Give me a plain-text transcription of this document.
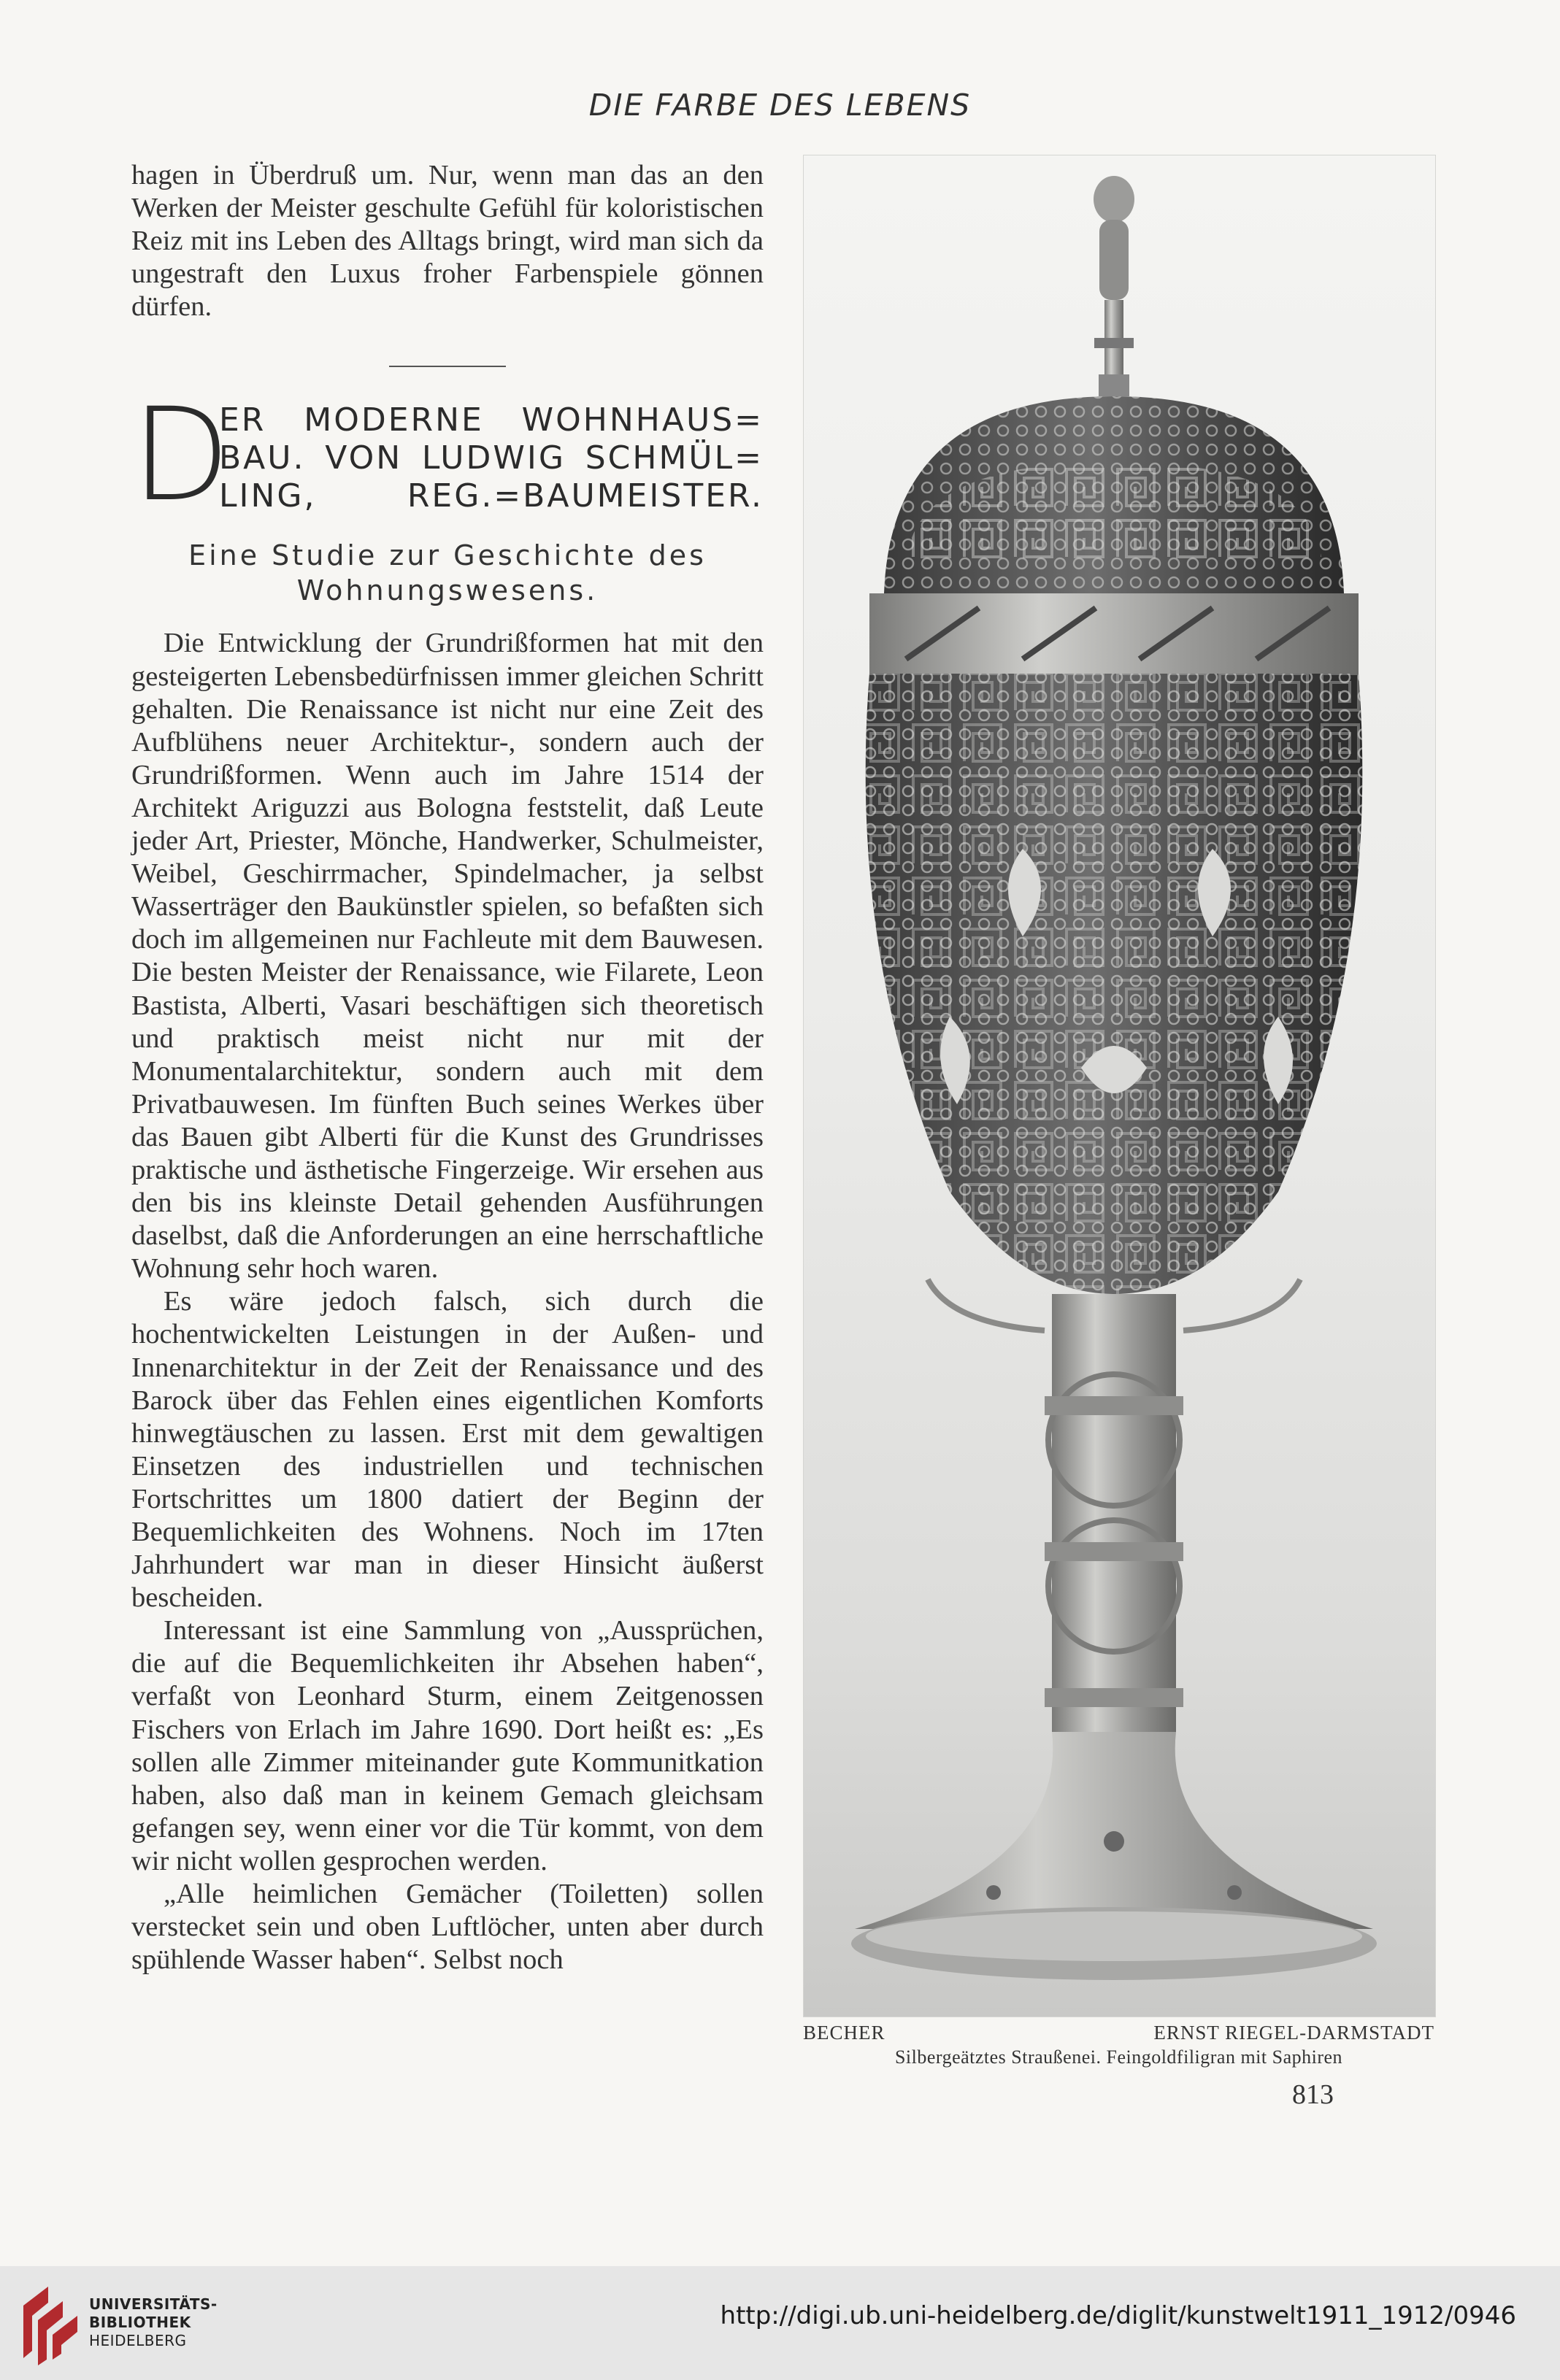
DIE FARBE DES LEBENS

hagen in Überdruß um. Nur, wenn man das an den Werken der Meister geschulte Gefühl für koloristischen Reiz mit ins Leben des Alltags bringt, wird man sich da ungestraft den Luxus froher Farbenspiele gönnen dürfen.

D
ER MODERNE WOHNHAUS=
BAU. VON LUDWIG SCHMÜL=
LING, REG.=BAUMEISTER.
Eine Studie zur Geschichte des Wohnungswesens.

Die Entwicklung der Grundrißformen hat mit den gesteigerten Lebensbedürfnissen immer gleichen Schritt gehalten. Die Renaissance ist nicht nur eine Zeit des Aufblühens neuer Architektur-, sondern auch der Grundrißformen. Wenn auch im Jahre 1514 der Architekt Ariguzzi aus Bologna feststelit, daß Leute jeder Art, Priester, Mönche, Handwerker, Schulmeister, Weibel, Geschirrmacher, Spindelmacher, ja selbst Wasserträger den Baukünstler spielen, so befaßten sich doch im allgemeinen nur Fachleute mit dem Bauwesen. Die besten Meister der Renaissance, wie Filarete, Leon Bastista, Alberti, Vasari beschäftigen sich theoretisch und praktisch meist nicht nur mit der Monumentalarchitektur, sondern auch mit dem Privatbauwesen. Im fünften Buch seines Werkes über das Bauen gibt Alberti für die Kunst des Grundrisses praktische und ästhetische Fingerzeige. Wir ersehen aus den bis ins kleinste Detail gehenden Ausführungen daselbst, daß die Anforderungen an eine herrschaftliche Wohnung sehr hoch waren.

Es wäre jedoch falsch, sich durch die hochentwickelten Leistungen in der Außen- und Innenarchitektur in der Zeit der Renaissance und des Barock über das Fehlen eines eigentlichen Komforts hinwegtäuschen zu lassen. Erst mit dem gewaltigen Einsetzen des industriellen und technischen Fortschrittes um 1800 datiert der Beginn der Bequemlichkeiten des Wohnens. Noch im 17ten Jahrhundert war man in dieser Hinsicht äußerst bescheiden.

Interessant ist eine Sammlung von „Aussprüchen, die auf die Bequemlichkeiten ihr Absehen haben“, verfaßt von Leonhard Sturm, einem Zeitgenossen Fischers von Erlach im Jahre 1690. Dort heißt es: „Es sollen alle Zimmer miteinander gute Kommunitkation haben, also daß man in keinem Gemach gleichsam gefangen sey, wenn einer vor die Tür kommt, von dem wir nicht wollen gesprochen werden.

„Alle heimlichen Gemächer (Toiletten) sollen verstecket sein und oben Luftlöcher, unten aber durch spühlende Wasser haben“. Selbst noch

BECHER	ERNST RIEGEL-DARMSTADT
Silbergeätztes Straußenei. Feingoldfiligran mit Saphiren
813
UNIVERSITÄTS-
BIBLIOTHEK
HEIDELBERG
http://digi.ub.uni-heidelberg.de/diglit/kunstwelt1911_1912/0946
